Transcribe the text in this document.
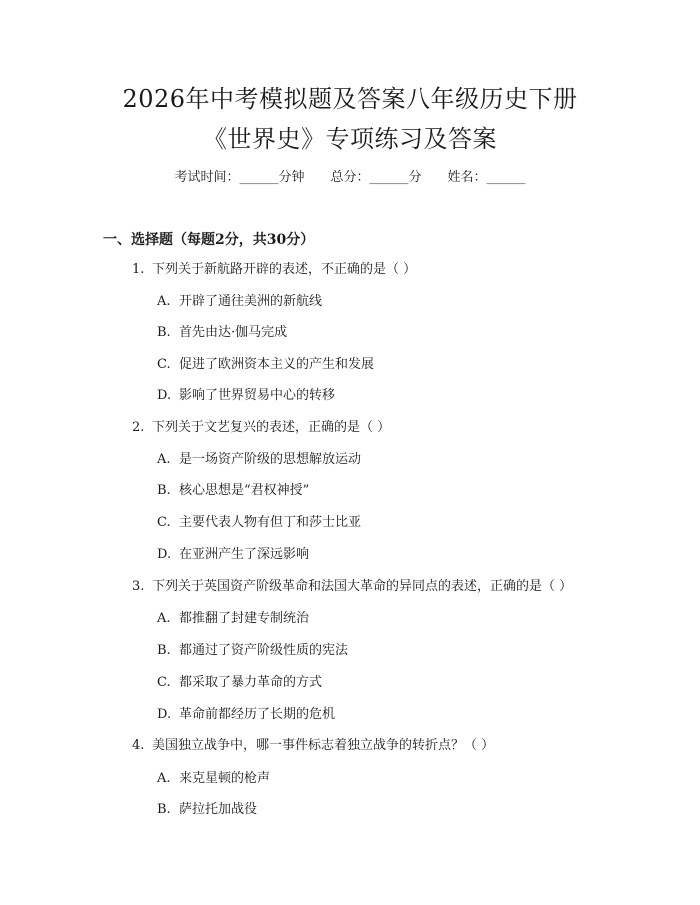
2026年中考模拟题及答案八年级历史下册
《世界史》专项练习及答案
考试时间：______分钟 总分：______分 姓名：______
一、选择题（每题2分，共30分）
1. 下列关于新航路开辟的表述，不正确的是（ ）
A. 开辟了通往美洲的新航线
B. 首先由达·伽马完成
C. 促进了欧洲资本主义的产生和发展
D. 影响了世界贸易中心的转移
2. 下列关于文艺复兴的表述，正确的是（ ）
A. 是一场资产阶级的思想解放运动
B. 核心思想是“君权神授”
C. 主要代表人物有但丁和莎士比亚
D. 在亚洲产生了深远影响
3. 下列关于英国资产阶级革命和法国大革命的异同点的表述，正确的是（ ）
A. 都推翻了封建专制统治
B. 都通过了资产阶级性质的宪法
C. 都采取了暴力革命的方式
D. 革命前都经历了长期的危机
4. 美国独立战争中，哪一事件标志着独立战争的转折点？（ ）
A. 来克星顿的枪声
B. 萨拉托加战役
